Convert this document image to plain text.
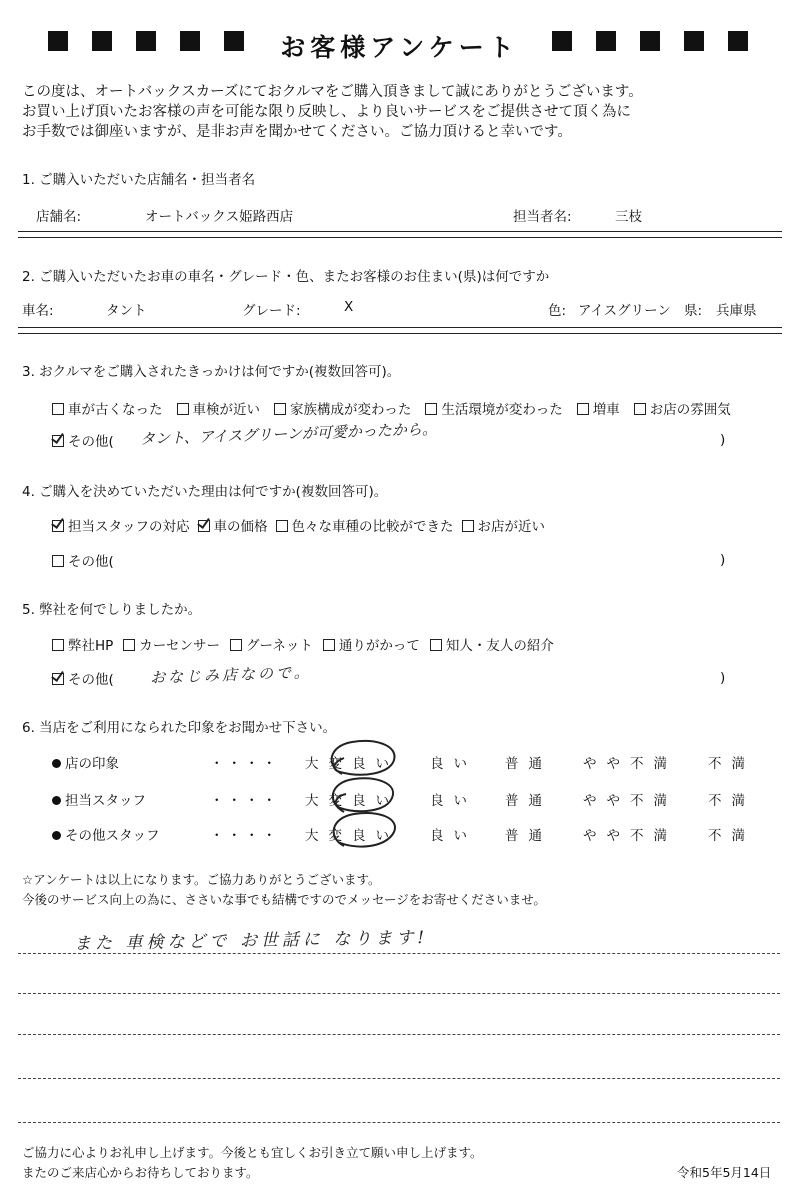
お客様アンケート
この度は、オートバックスカーズにておクルマをご購入頂きまして誠にありがとうございます。
お買い上げ頂いたお客様の声を可能な限り反映し、より良いサービスをご提供させて頂く為に
お手数では御座いますが、是非お声を聞かせてください。ご協力頂けると幸いです。
1. ご購入いただいた店舗名・担当者名
店舗名:	オートバックス姫路西店	担当者名:	三枝
2. ご購入いただいたお車の車名・グレード・色、またお客様のお住まい(県)は何ですか
車名:	タント	グレード:	X	色: アイスグリーン 県: 兵庫県
3. おクルマをご購入されたきっかけは何ですか(複数回答可)。
車が古くなった 車検が近い 家族構成が変わった 生活環境が変わった 増車 お店の雰囲気
その他( タント、アイスグリーンが可愛かったから。	)
4. ご購入を決めていただいた理由は何ですか(複数回答可)。
担当スタッフの対応 車の価格 色々な車種の比較ができた お店が近い
その他(	)
5. 弊社を何でしりましたか。
弊社HP カーセンサー グーネット 通りがかって 知人・友人の紹介
その他( おなじみ店なので。	)
6. 当店をご利用になられた印象をお聞かせ下さい。
店の印象	・・・・ 大変良い 良い 普通 やや不満 不満
担当スタッフ	・・・・ 大変良い 良い 普通 やや不満 不満
その他スタッフ	・・・・ 大変良い 良い 普通 やや不満 不満
☆アンケートは以上になります。ご協力ありがとうございます。
今後のサービス向上の為に、ささいな事でも結構ですのでメッセージをお寄せくださいませ。
また 車検などで お世話に なります!
ご協力に心よりお礼申し上げます。今後とも宜しくお引き立て願い申し上げます。
またのご来店心からお待ちしております。	令和5年5月14日
